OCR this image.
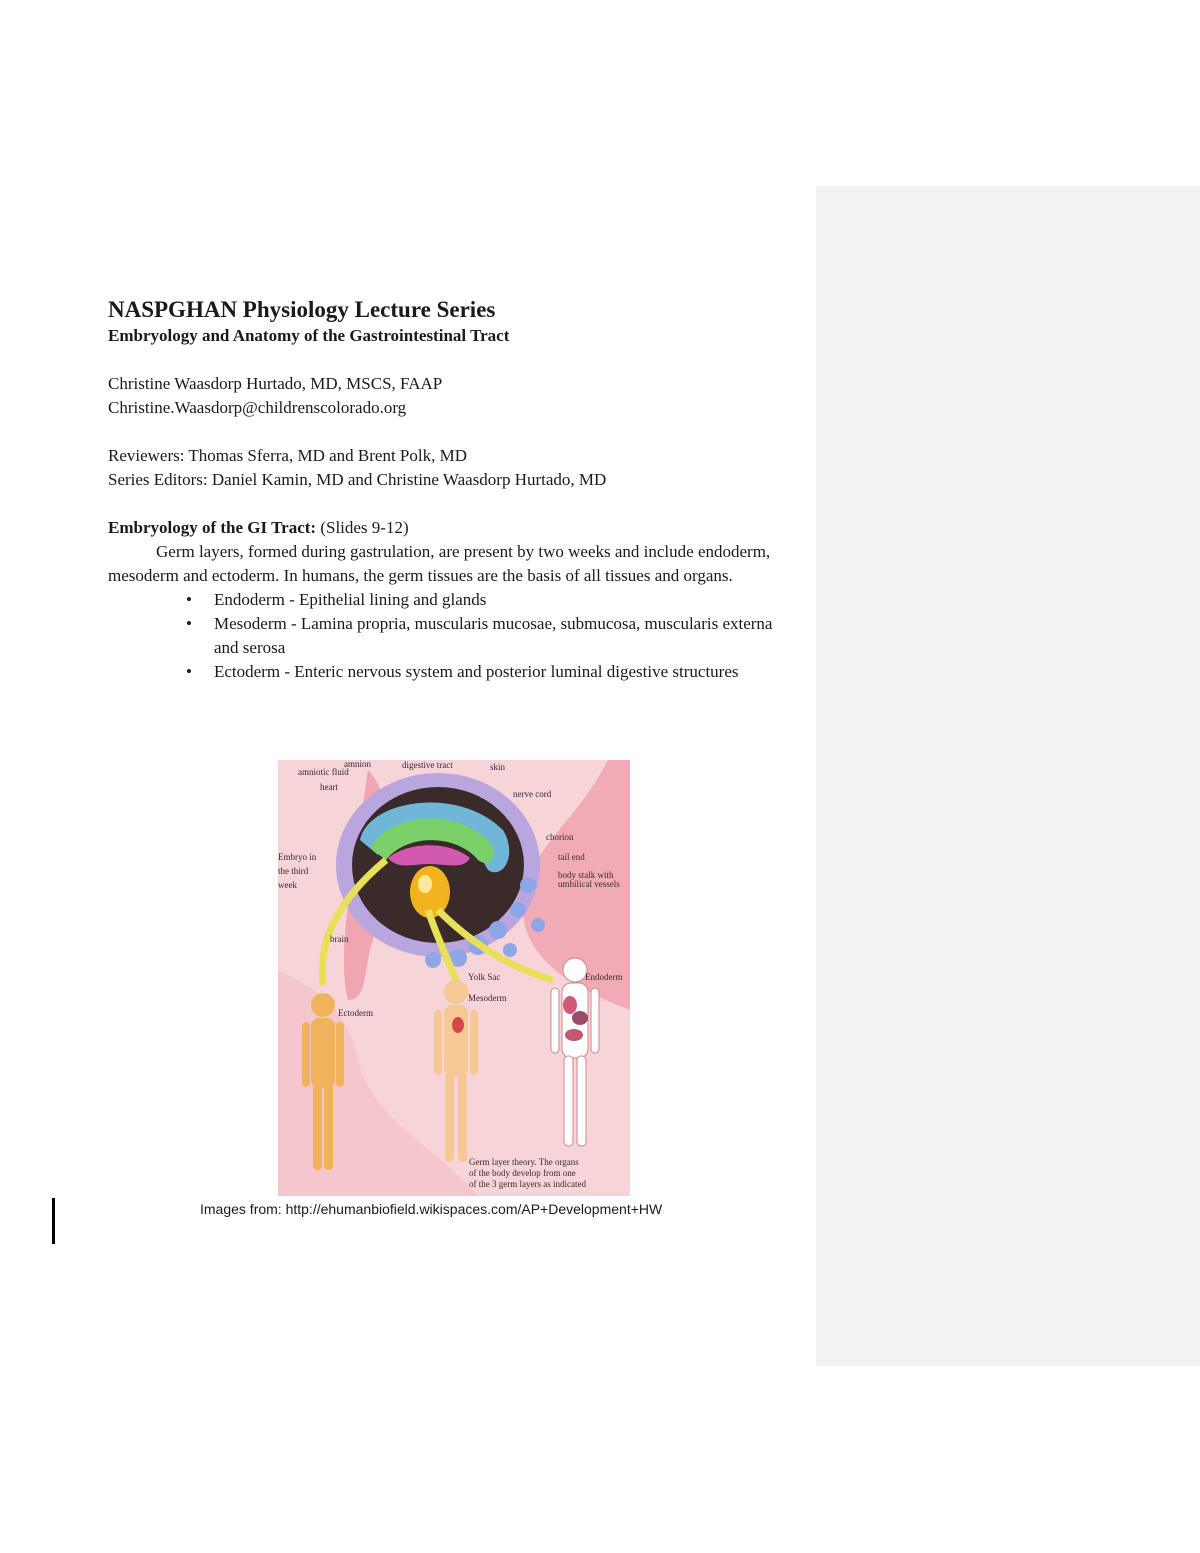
NASPGHAN Physiology Lecture Series

Embryology and Anatomy of the Gastrointestinal Tract

Christine Waasdorp Hurtado, MD, MSCS, FAAP

Christine.Waasdorp@childrenscolorado.org

Reviewers: Thomas Sferra, MD and Brent Polk, MD

Series Editors: Daniel Kamin, MD and Christine Waasdorp Hurtado, MD

Embryology of the GI Tract: (Slides 9-12)

Germ layers, formed during gastrulation, are present by two weeks and include endoderm, mesoderm and ectoderm. In humans, the germ tissues are the basis of all tissues and organs.

• Endoderm - Epithelial lining and glands
• Mesoderm - Lamina propria, muscularis mucosae, submucosa, muscularis externa and serosa
• Ectoderm - Enteric nervous system and posterior luminal digestive structures
amnion
amniotic fluid
heart
digestive tract	skin
nerve cord
chorion
tail end
body stalk with
umbilical vessels
Embryo in
the third
week
brain
Yolk Sac	Endoderm
Mesoderm
Ectoderm
Germ layer theory. The organs
of the body develop from one
of the 3 germ layers as indicated
Images from: http://ehumanbiofield.wikispaces.com/AP+Development+HW
